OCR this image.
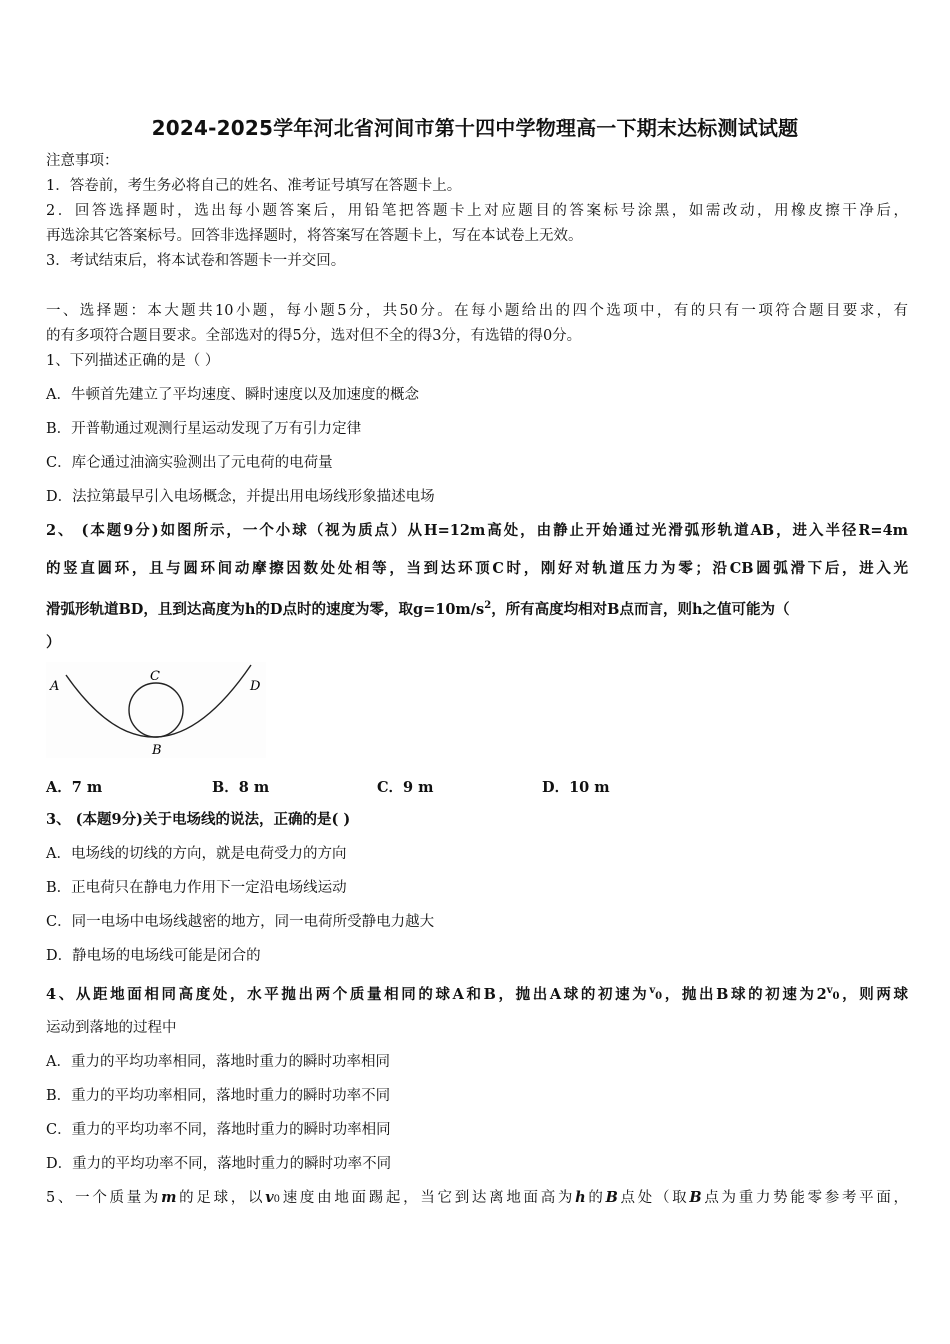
2024-2025学年河北省河间市第十四中学物理高一下期末达标测试试题
注意事项：
1．答卷前，考生务必将自己的姓名、准考证号填写在答题卡上。
2．回答选择题时，选出每小题答案后，用铅笔把答题卡上对应题目的答案标号涂黑，如需改动，用橡皮擦干净后，
再选涂其它答案标号。回答非选择题时，将答案写在答题卡上，写在本试卷上无效。
3．考试结束后，将本试卷和答题卡一并交回。
一、选择题：本大题共10小题，每小题5分，共50分。在每小题给出的四个选项中，有的只有一项符合题目要求，有
的有多项符合题目要求。全部选对的得5分，选对但不全的得3分，有选错的得0分。
1、下列描述正确的是（ ）
A．牛顿首先建立了平均速度、瞬时速度以及加速度的概念
B．开普勒通过观测行星运动发现了万有引力定律
C．库仑通过油滴实验测出了元电荷的电荷量
D．法拉第最早引入电场概念，并提出用电场线形象描述电场
2、 (本题9分)如图所示，一个小球（视为质点）从H=12m高处，由静止开始通过光滑弧形轨道AB，进入半径R=4m
的竖直圆环，且与圆环间动摩擦因数处处相等，当到达环顶C时，刚好对轨道压力为零；沿CB圆弧滑下后，进入光
滑弧形轨道BD，且到达高度为h的D点时的速度为零，取$g=10m/s^2$，所有高度均相对B点而言，则h之值可能为（
）
A
C
B
D
A．7 m	B．8 m	C．9 m	D．10 m
3、 (本题9分)关于电场线的说法，正确的是( )
A．电场线的切线的方向，就是电荷受力的方向
B．正电荷只在静电力作用下一定沿电场线运动
C．同一电场中电场线越密的地方，同一电荷所受静电力越大
D．静电场的电场线可能是闭合的
4、从距地面相同高度处，水平抛出两个质量相同的球A和B，抛出A球的初速为$^v$0，抛出B球的初速为2$^v$0，则两球
运动到落地的过程中
A．重力的平均功率相同，落地时重力的瞬时功率相同
B．重力的平均功率相同，落地时重力的瞬时功率不同
C．重力的平均功率不同，落地时重力的瞬时功率相同
D．重力的平均功率不同，落地时重力的瞬时功率不同
5、一个质量为m的足球，以v0速度由地面踢起，当它到达离地面高为h的B点处（取B点为重力势能零参考平面，
